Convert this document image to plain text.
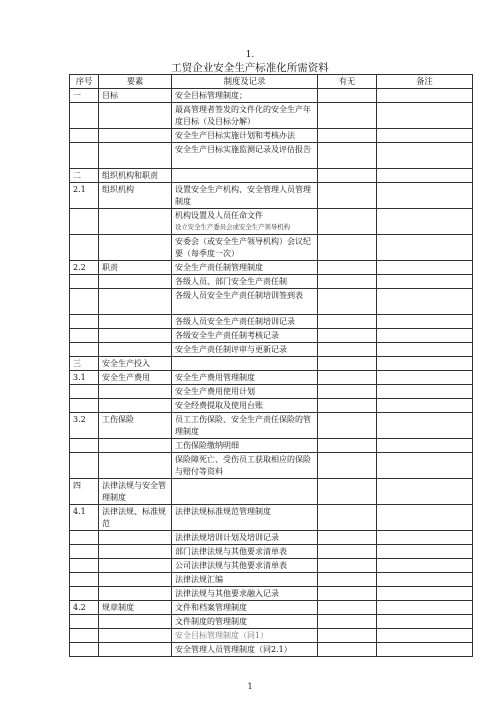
1.
工贸企业安全生产标准化所需资料
序号	要素	制度及记录	有无	备注
一	目标	安全目标管理制度；		
		最高管理者签发的文件化的安全生产年度目标（及目标分解）		
		安全生产目标实施计划和考核办法		
		安全生产目标实施监测记录及评估报告		
二	组织机构和职责			
2.1	组织机构	设置安全生产机构、安全管理人员管理制度		

		机构设置及人员任命文件
设立安全生产委员会或安全生产领导机构		

		安委会（或安全生产领导机构）会议纪要（每季度一次）		
2.2	职责	安全生产责任制管理制度		
		各级人员、部门安全生产责任制		
		各级人员安全生产责任制培训签到表		
		各级人员安全生产责任制培训记录		
		各级安全生产责任制考核记录		
		安全生产责任制评审与更新记录		
三	安全生产投入			
3.1	安全生产费用	安全生产费用管理制度		
		安全生产费用使用计划		
		安全经费提取及使用台账		
3.2	工伤保险	员工工伤保险、安全生产责任保险的管理制度		
		工伤保险缴纳明细		
		保险障死亡、受伤员工获取相应的保险与赔付等资料		
四	法律法规与安全管理制度			
4.1	法律法规、标准规范	法律法规标准规范管理制度		
		法律法规培训计划及培训记录		
		部门法律法规与其他要求清单表		
		公司法律法规与其他要求清单表		
		法律法规汇编		
		法律法规与其他要求融入记录		
4.2	规章制度	文件和档案管理制度		
		文件制度的管理制度		
		安全目标管理制度（同1）		
		安全管理人员管理制度（同2.1）		
1
